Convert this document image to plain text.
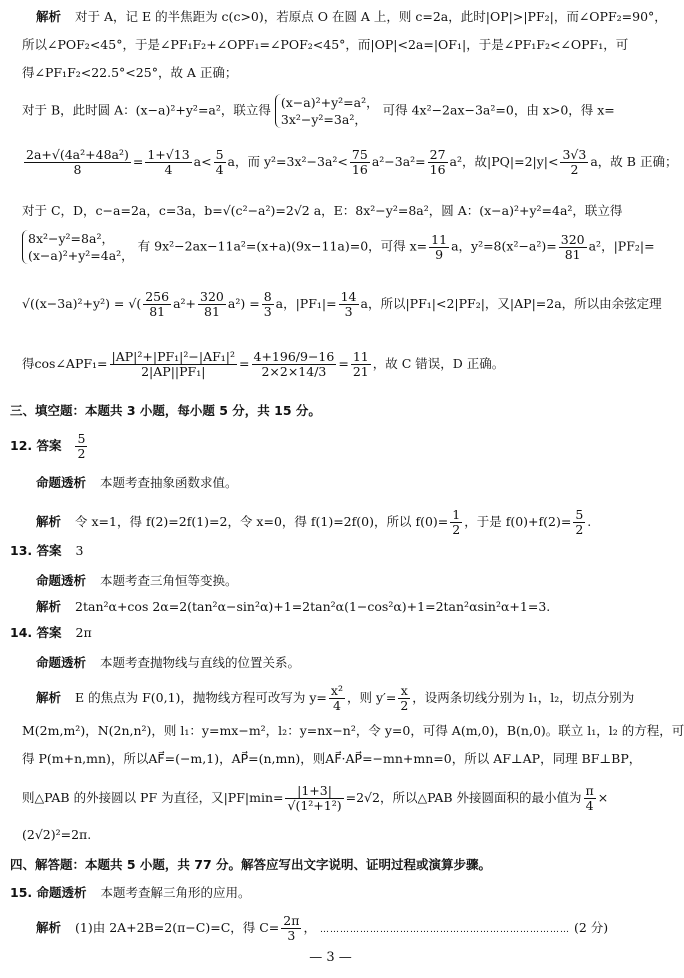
解析 对于 A，记 E 的半焦距为 c(c>0)，若原点 O 在圆 A 上，则 c=2a，此时|OP|>|PF₂|，而∠OPF₂=90°，
所以∠POF₂<45°，于是∠PF₁F₂+∠OPF₁=∠POF₂<45°，而|OP|<2a=|OF₁|，于是∠PF₁F₂<∠OPF₁，可
得∠PF₁F₂<22.5°<25°，故 A 正确；
对于 B，此时圆 A：(x−a)²+y²=a²，联立得 (x−a)²+y²=a²，
3x²−y²=3a²，
可得 4x²−2ax−3a²=0，由 x>0，得 x=
$\frac{\text{2a+√(4a²+48a²)}}{8} = \frac{1+√13}{4} a< \frac{5}{4}$ a，而 $y^2=3x^2-3a^2< \frac{75}{16} a^2-3a^2= \frac{27}{16} a^2$，故$|PQ|=2|y|< \frac{3√3}{2}$ a，故 B 正确；
对于 C，D，c−a=2a，c=3a，b=√(c²−a²)=2√2 a，E：8x²−y²=8a²，圆 A：(x−a)²+y²=4a²，联立得
8x²−y²=8a²，
(x−a)²+y²=4a²，
有 9x²−2ax−11a²=(x+a)(9x−11a)=0，可得 $x= \frac{11}{9}$ a，$y^2=8(x^2-a^2)= \frac{320}{81} a^2$，|PF₂|=
√((x−3a)²+y²) = √( $\frac{256}{81} a^2+ \frac{320}{81} a^2) = \frac{8}{3}$ a，$|PF_1|= \frac{14}{3}$ a，所以|PF₁|<2|PF₂|，又|AP|=2a，所以由余弦定理
得cos∠APF₁= $\frac{\text{|AP|²+|PF₁|²−|AF₁|²}}{\text{2|AP||PF₁|}} = \frac{4+196/9-16}{2\times 2\times 14/3} = \frac{11}{21}$ ，故 C 错误，D 正确。
三、填空题：本题共 3 小题，每小题 5 分，共 15 分。
12. 答案 $\frac{5}{2}$
命题透析 本题考查抽象函数求值。
解析 令 x=1，得 f(2)=2f(1)=2，令 x=0，得 f(1)=2f(0)，所以 $f(0)= \frac{1}{2}$ ，于是 $f(0)+f(2)= \frac{5}{2}$ .
13. 答案 3
命题透析 本题考查三角恒等变换。
解析 2tan²α+cos 2α=2(tan²α−sin²α)+1=2tan²α(1−cos²α)+1=2tan²αsin²α+1=3.
14. 答案 2π
命题透析 本题考查抛物线与直线的位置关系。
解析 E 的焦点为 F(0,1)，抛物线方程可改写为 $y= \frac{\text{x²}}{4}$ ，则 $y'= \frac{x}{2}$ ，设两条切线分别为 l₁，l₂，切点分别为
M(2m,m²)，N(2n,n²)，则 l₁：y=mx−m²，l₂：y=nx−n²，令 y=0，可得 A(m,0)，B(n,0)。联立 l₁，l₂ 的方程，可
得 P(m+n,mn)，所以AF⃗=(−m,1)，AP⃗=(n,mn)，则AF⃗·AP⃗=−mn+mn=0，所以 AF⊥AP，同理 BF⊥BP，
则△PAB 的外接圆以 PF 为直径，又$|PF|\min= \frac{|1+3|}{\text{√(1²+1²)}} =2√2$，所以△PAB 外接圆面积的最小值为 $\frac{\pi}{4}$ ×
(2√2)²=2π.
四、解答题：本题共 5 小题，共 77 分。解答应写出文字说明、证明过程或演算步骤。
15. 命题透析 本题考查解三角形的应用。
解析 (1)由 2A+2B=2(π−C)=C，得 $C= \frac{2\pi}{3}$ ， ………………………………………………………………… (2 分)
— 3 —
